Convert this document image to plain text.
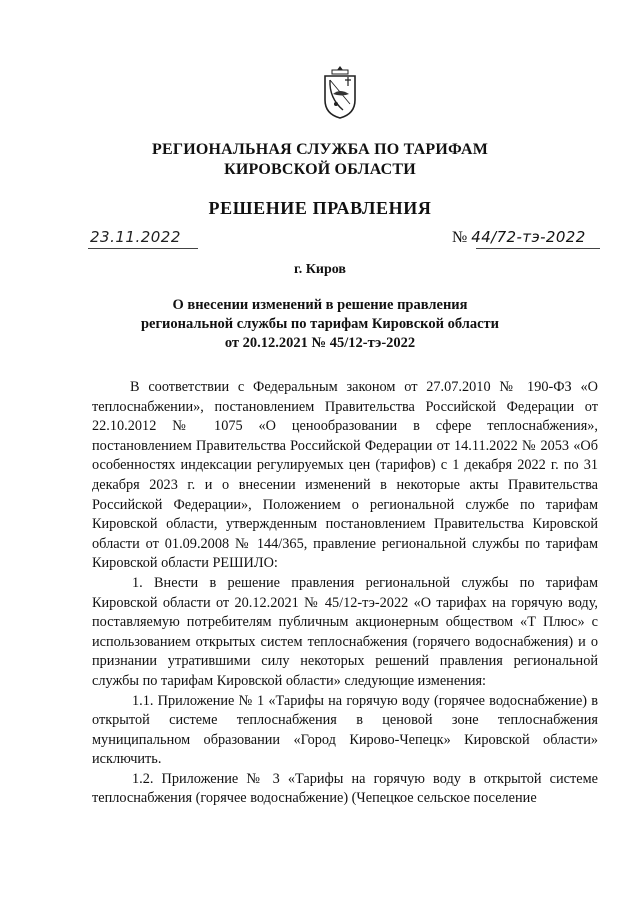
РЕГИОНАЛЬНАЯ СЛУЖБА ПО ТАРИФАМ
КИРОВСКОЙ ОБЛАСТИ
РЕШЕНИЕ ПРАВЛЕНИЯ
23.11.2022	№ 44/72-тэ-2022
г. Киров
О внесении изменений в решение правления
региональной службы по тарифам Кировской области
от 20.12.2021 № 45/12-тэ-2022

В соответствии с Федеральным законом от 27.07.2010 № 190-ФЗ «О теплоснабжении», постановлением Правительства Российской Федерации от 22.10.2012 № 1075 «О ценообразовании в сфере теплоснабжения», постановлением Правительства Российской Федерации от 14.11.2022 № 2053 «Об особенностях индексации регулируемых цен (тарифов) с 1 декабря 2022 г. по 31 декабря 2023 г. и о внесении изменений в некоторые акты Правительства Российской Федерации», Положением о региональной службе по тарифам Кировской области, утвержденным постановлением Правительства Кировской области от 01.09.2008 № 144/365, правление региональной службы по тарифам Кировской области РЕШИЛО:

1. Внести в решение правления региональной службы по тарифам Кировской области от 20.12.2021 № 45/12-тэ-2022 «О тарифах на горячую воду, поставляемую потребителям публичным акционерным обществом «Т Плюс» с использованием открытых систем теплоснабжения (горячего водоснабжения) и о признании утратившими силу некоторых решений правления региональной службы по тарифам Кировской области» следующие изменения:

1.1. Приложение № 1 «Тарифы на горячую воду (горячее водоснабжение) в открытой системе теплоснабжения в ценовой зоне теплоснабжения муниципальном образовании «Город Кирово-Чепецк» Кировской области» исключить.

1.2. Приложение № 3 «Тарифы на горячую воду в открытой системе теплоснабжения (горячее водоснабжение) (Чепецкое сельское поселение
